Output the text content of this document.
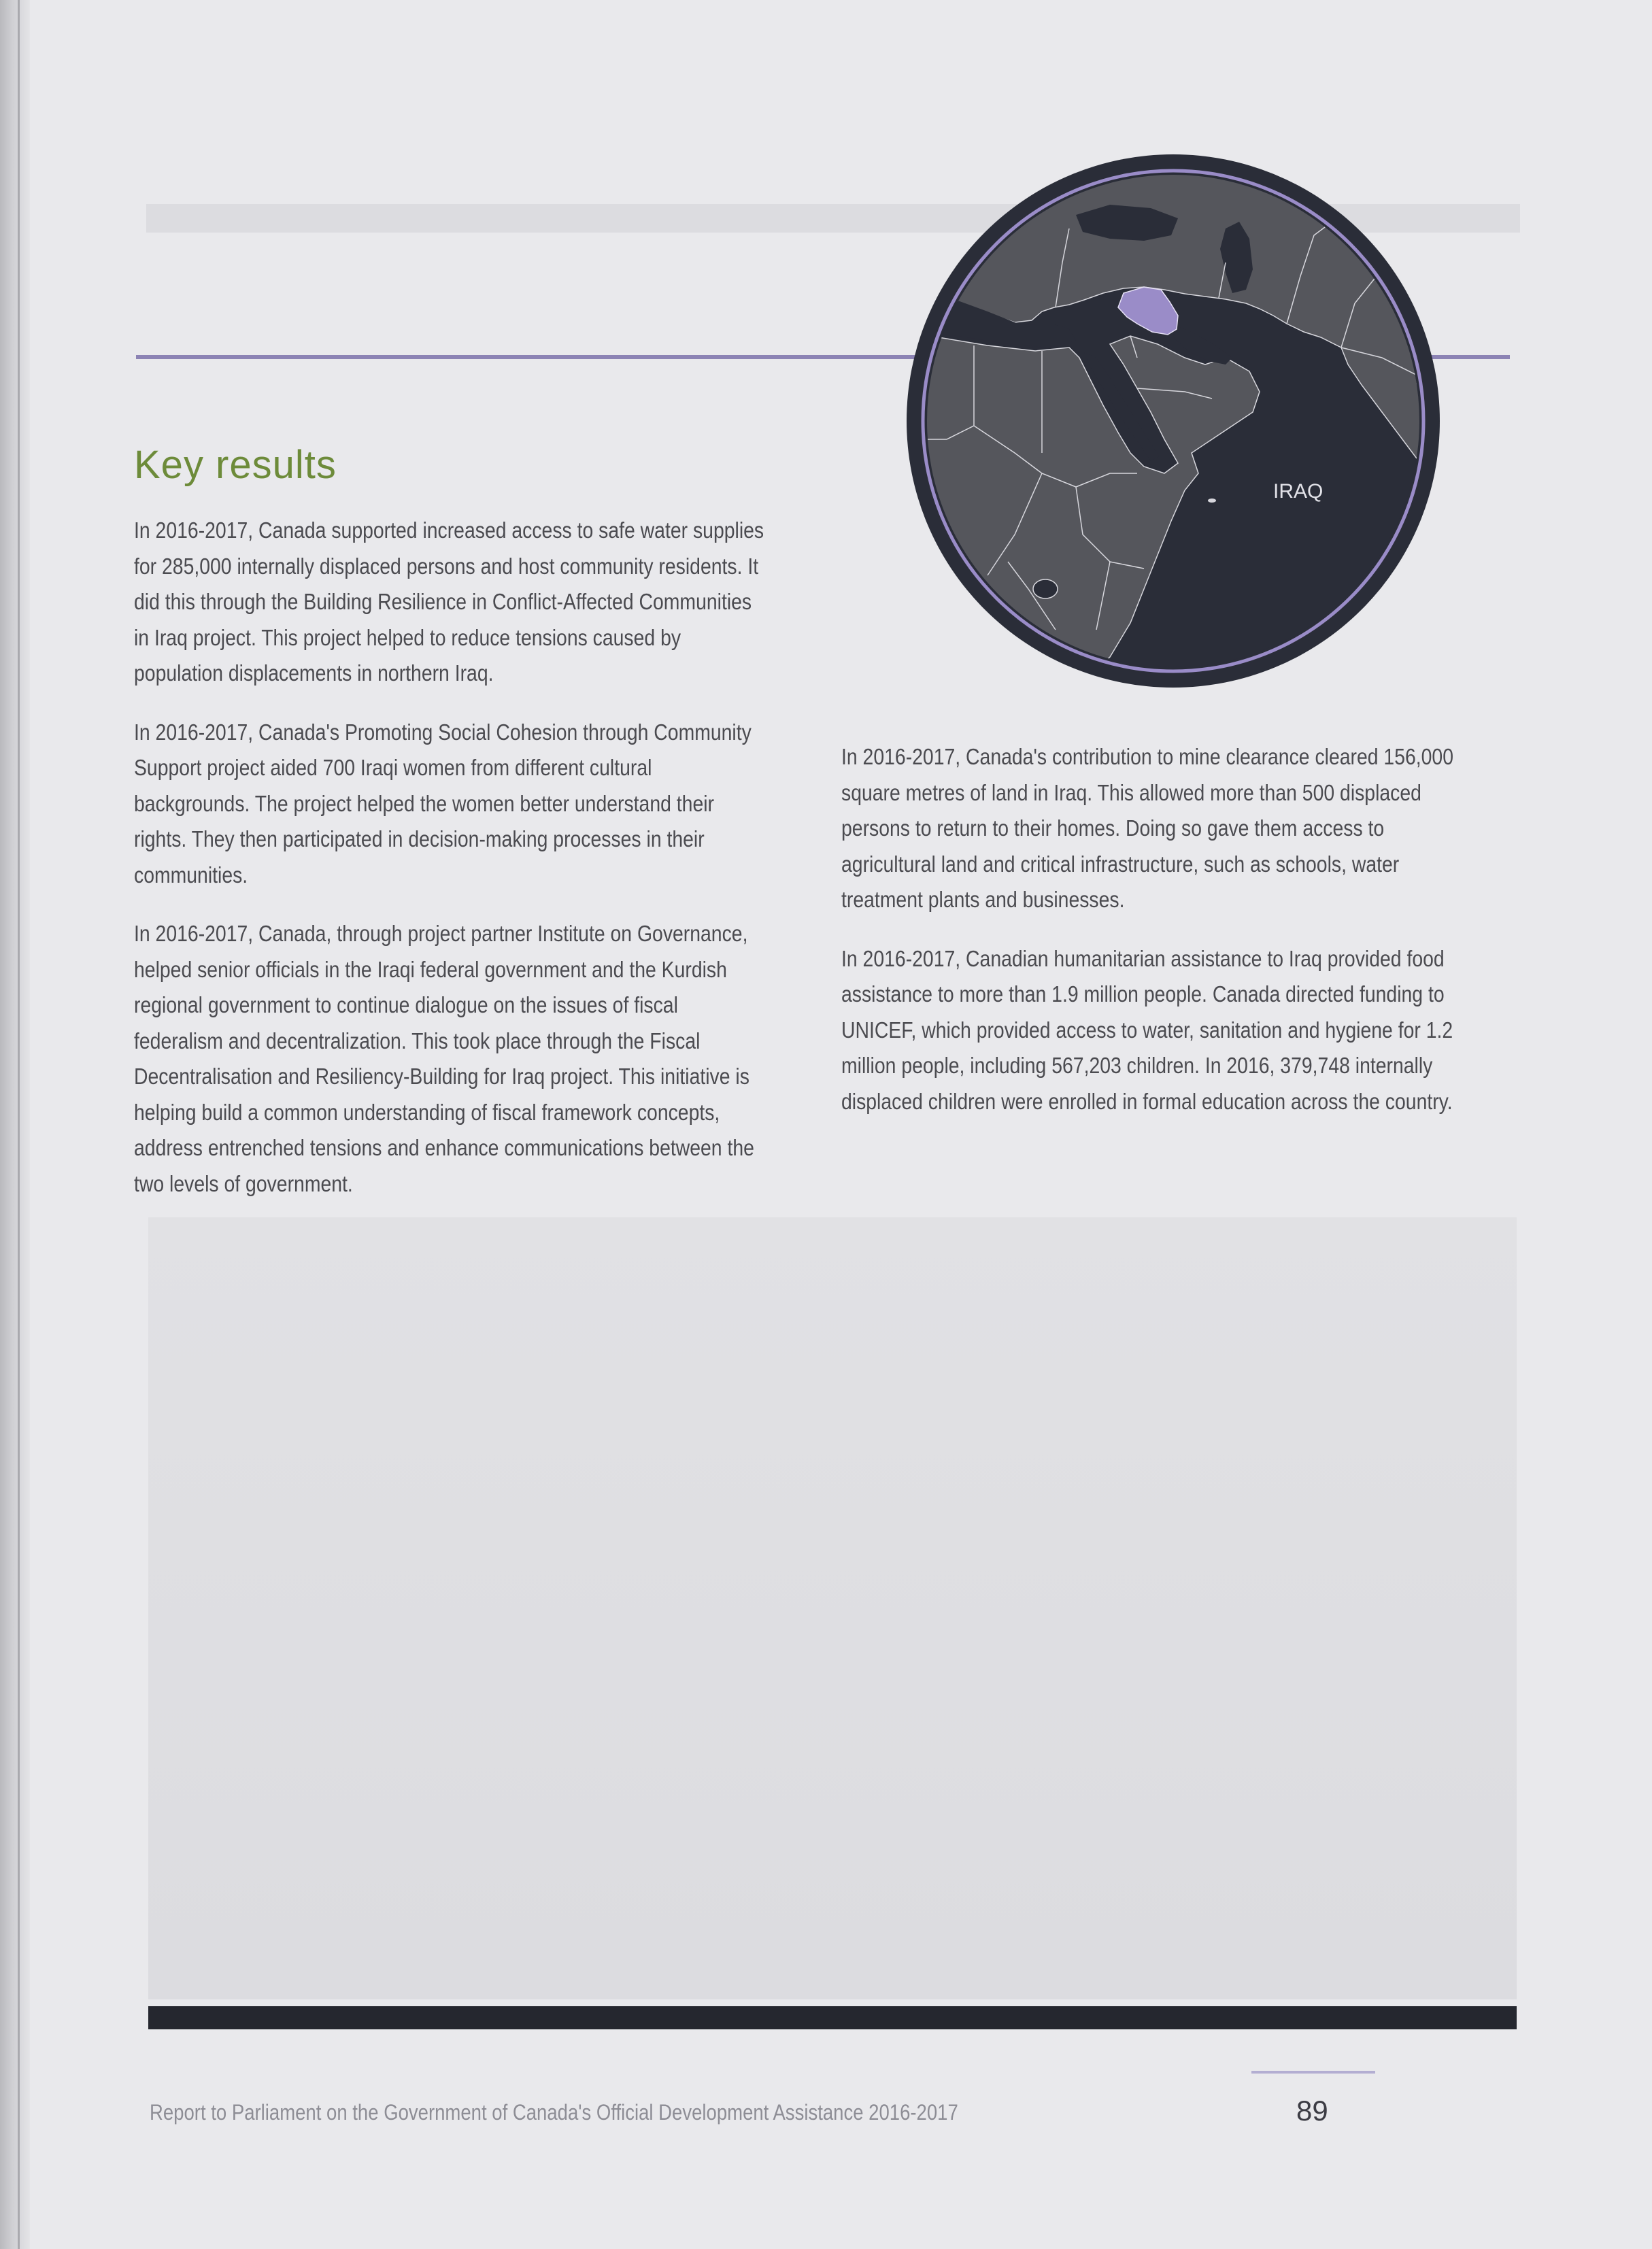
IRAQ
Key results

In 2016-2017, Canada supported increased access to safe water supplies for 285,000 internally displaced persons and host community residents. It did this through the Building Resilience in Conflict-Affected Communities in Iraq project. This project helped to reduce tensions caused by population displacements in northern Iraq.

In 2016-2017, Canada's Promoting Social Cohesion through Community Support project aided 700 Iraqi women from different cultural backgrounds. The project helped the women better understand their rights. They then participated in decision-making processes in their communities.

In 2016-2017, Canada, through project partner Institute on Governance, helped senior officials in the Iraqi federal government and the Kurdish regional government to continue dialogue on the issues of fiscal federalism and decentralization. This took place through the Fiscal Decentralisation and Resiliency-Building for Iraq project. This initiative is helping build a common understanding of fiscal framework concepts, address entrenched tensions and enhance communications between the two levels of government.

In 2016-2017, Canada's contribution to mine clearance cleared 156,000 square metres of land in Iraq. This allowed more than 500 displaced persons to return to their homes. Doing so gave them access to agricultural land and critical infrastructure, such as schools, water treatment plants and businesses.

In 2016-2017, Canadian humanitarian assistance to Iraq provided food assistance to more than 1.9 million people. Canada directed funding to UNICEF, which provided access to water, sanitation and hygiene for 1.2 million people, including 567,203 children. In 2016, 379,748 internally displaced children were enrolled in formal education across the country.

Report to Parliament on the Government of Canada's Official Development Assistance 2016-2017	89
